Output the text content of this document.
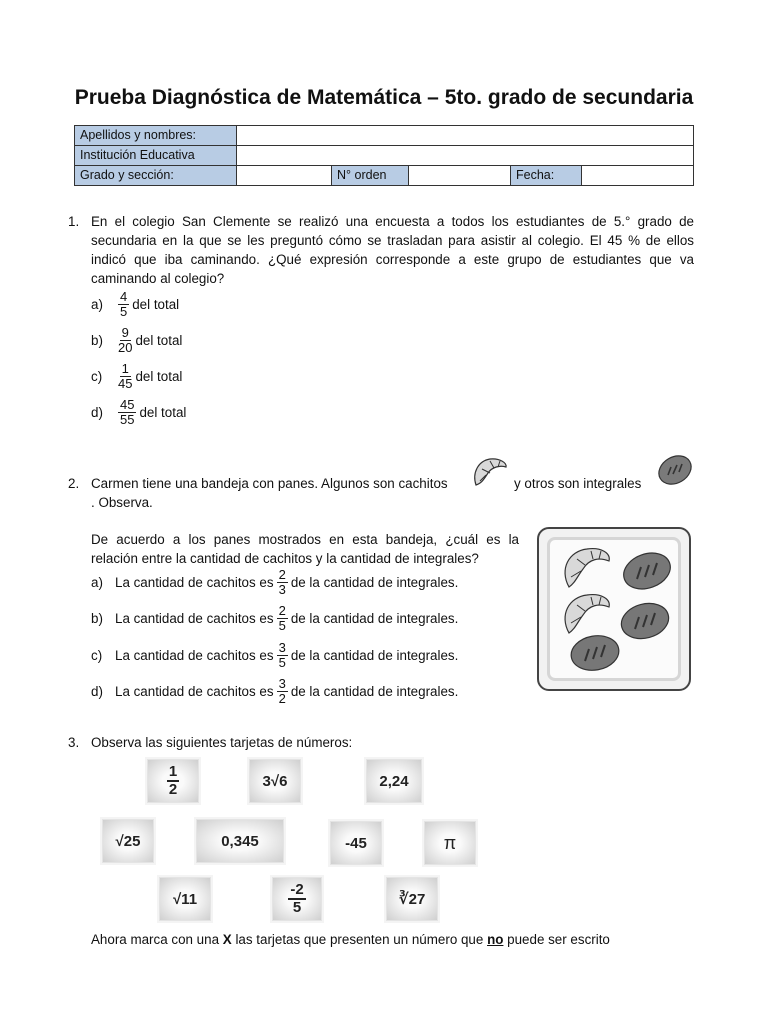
Prueba Diagnóstica de Matemática – 5to. grado de secundaria
Apellidos y nombres:					
Institución Educativa					
Grado y sección:		N° orden		Fecha:	
1. En el colegio San Clemente se realizó una encuesta a todos los estudiantes de 5.° grado de secundaria en la que se les preguntó cómo se trasladan para asistir al colegio. El 45 % de ellos indicó que iba caminando. ¿Qué expresión corresponde a este grupo de estudiantes que va caminando al colegio?
a)	$\frac{4}{5}$ del total
b)	$\frac{9}{20}$ del total
c)	$\frac{1}{45}$ del total
d)	$\frac{45}{55}$ del total
2. Carmen tiene una bandeja con panes. Algunos son cachitos	y otros son integrales
. Observa.
De acuerdo a los panes mostrados en esta bandeja, ¿cuál es la relación entre la cantidad de cachitos y la cantidad de integrales?
a) La cantidad de cachitos es $\frac{2}{3}$ de la cantidad de integrales.
b) La cantidad de cachitos es $\frac{2}{5}$ de la cantidad de integrales.
c) La cantidad de cachitos es $\frac{3}{5}$ de la cantidad de integrales.
d) La cantidad de cachitos es $\frac{3}{2}$ de la cantidad de integrales.
3. Observa las siguientes tarjetas de números:
1
2	3√6	2,24
√25	0,345	-45	π
√11
-2
5	∛27
Ahora marca con una X las tarjetas que presenten un número que no puede ser escrito
